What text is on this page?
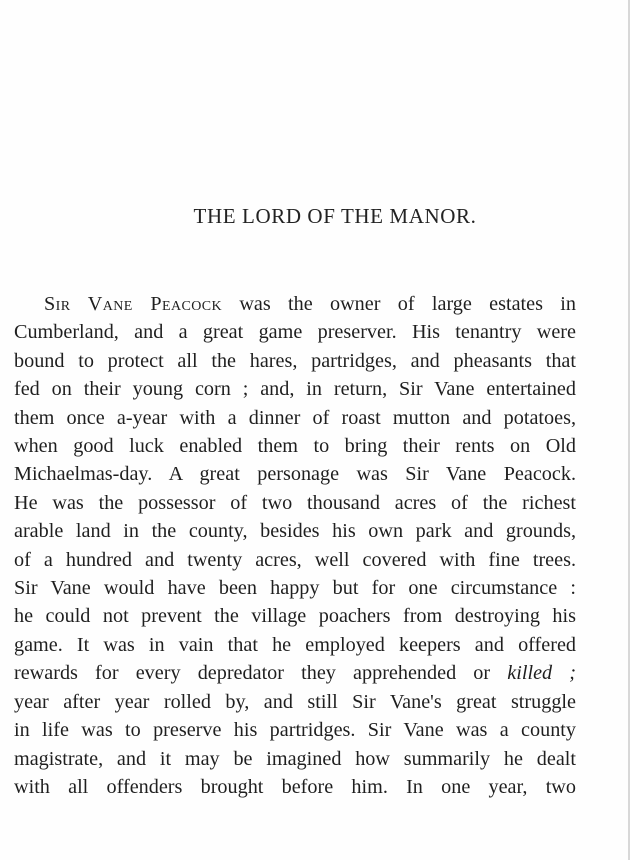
THE LORD OF THE MANOR.
Sir Vane Peacock was the owner of large estates in
Cumberland, and a great game preserver. His tenantry were
bound to protect all the hares, partridges, and pheasants that
fed on their young corn ; and, in return, Sir Vane entertained
them once a-year with a dinner of roast mutton and potatoes,
when good luck enabled them to bring their rents on Old
Michaelmas-day. A great personage was Sir Vane Peacock.
He was the possessor of two thousand acres of the richest
arable land in the county, besides his own park and grounds,
of a hundred and twenty acres, well covered with fine trees.
Sir Vane would have been happy but for one circumstance :
he could not prevent the village poachers from destroying his
game. It was in vain that he employed keepers and offered
rewards for every depredator they apprehended or killed ;
year after year rolled by, and still Sir Vane's great struggle
in life was to preserve his partridges. Sir Vane was a county
magistrate, and it may be imagined how summarily he dealt
with all offenders brought before him. In one year, two
